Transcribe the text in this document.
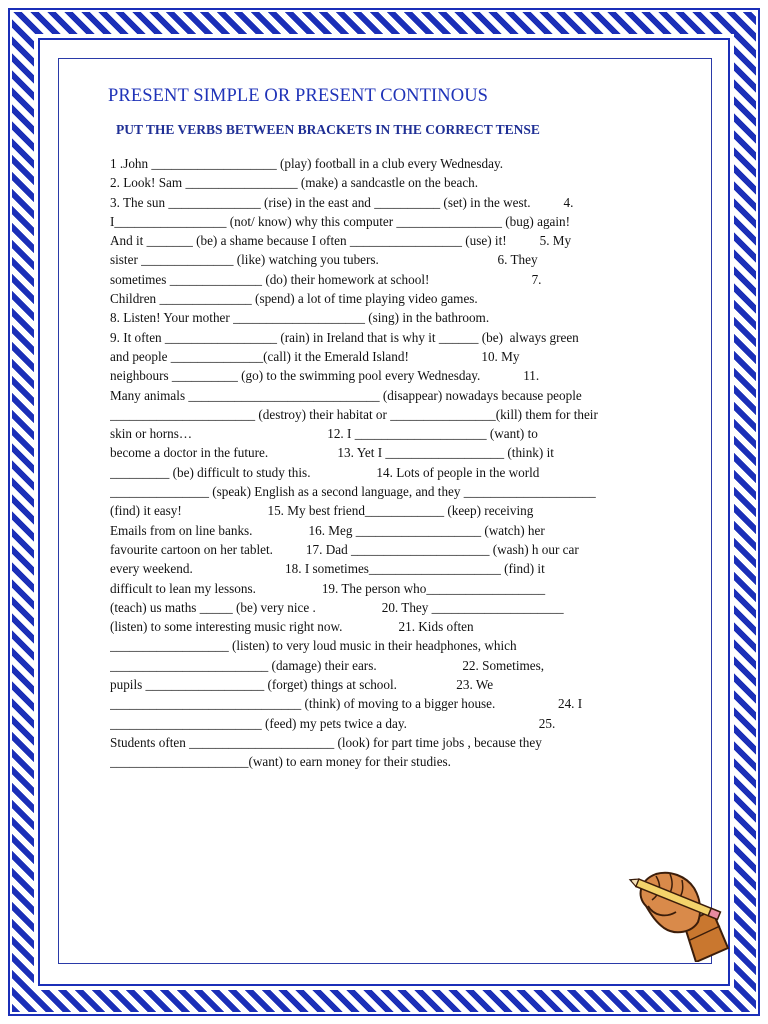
PRESENT SIMPLE OR PRESENT CONTINOUS
PUT THE VERBS BETWEEN BRACKETS IN THE CORRECT TENSE
1 .John ___________________ (play) football in a club every Wednesday.
2. Look! Sam _________________ (make) a sandcastle on the beach.
3. The sun ______________ (rise) in the east and __________ (set) in the west.          4.
I_________________ (not/ know) why this computer ________________ (bug) again!
And it _______ (be) a shame because I often _________________ (use) it!          5. My
sister ______________ (like) watching you tubers.                                    6. They
sometimes ______________ (do) their homework at school!                               7.
Children ______________ (spend) a lot of time playing video games.
8. Listen! Your mother ____________________ (sing) in the bathroom.
9. It often _________________ (rain) in Ireland that is why it ______ (be)  always green
and people ______________(call) it the Emerald Island!                      10. My
neighbours __________ (go) to the swimming pool every Wednesday.             11.
Many animals _____________________________ (disappear) nowadays because people
______________________ (destroy) their habitat or ________________(kill) them for their
skin or horns…                                         12. I ____________________ (want) to
become a doctor in the future.                     13. Yet I __________________ (think) it
_________ (be) difficult to study this.                    14. Lots of people in the world
_______________ (speak) English as a second language, and they ____________________
(find) it easy!                          15. My best friend____________ (keep) receiving
Emails from on line banks.                 16. Meg ___________________ (watch) her
favourite cartoon on her tablet.          17. Dad _____________________ (wash) h our car
every weekend.                            18. I sometimes____________________ (find) it
difficult to lean my lessons.                    19. The person who__________________
(teach) us maths _____ (be) very nice .                    20. They ____________________
(listen) to some interesting music right now.                 21. Kids often
__________________ (listen) to very loud music in their headphones, which
________________________ (damage) their ears.                          22. Sometimes,
pupils __________________ (forget) things at school.                  23. We
_____________________________ (think) of moving to a bigger house.                   24. I
_______________________ (feed) my pets twice a day.                                        25.
Students often ______________________ (look) for part time jobs , because they
_____________________(want) to earn money for their studies.
